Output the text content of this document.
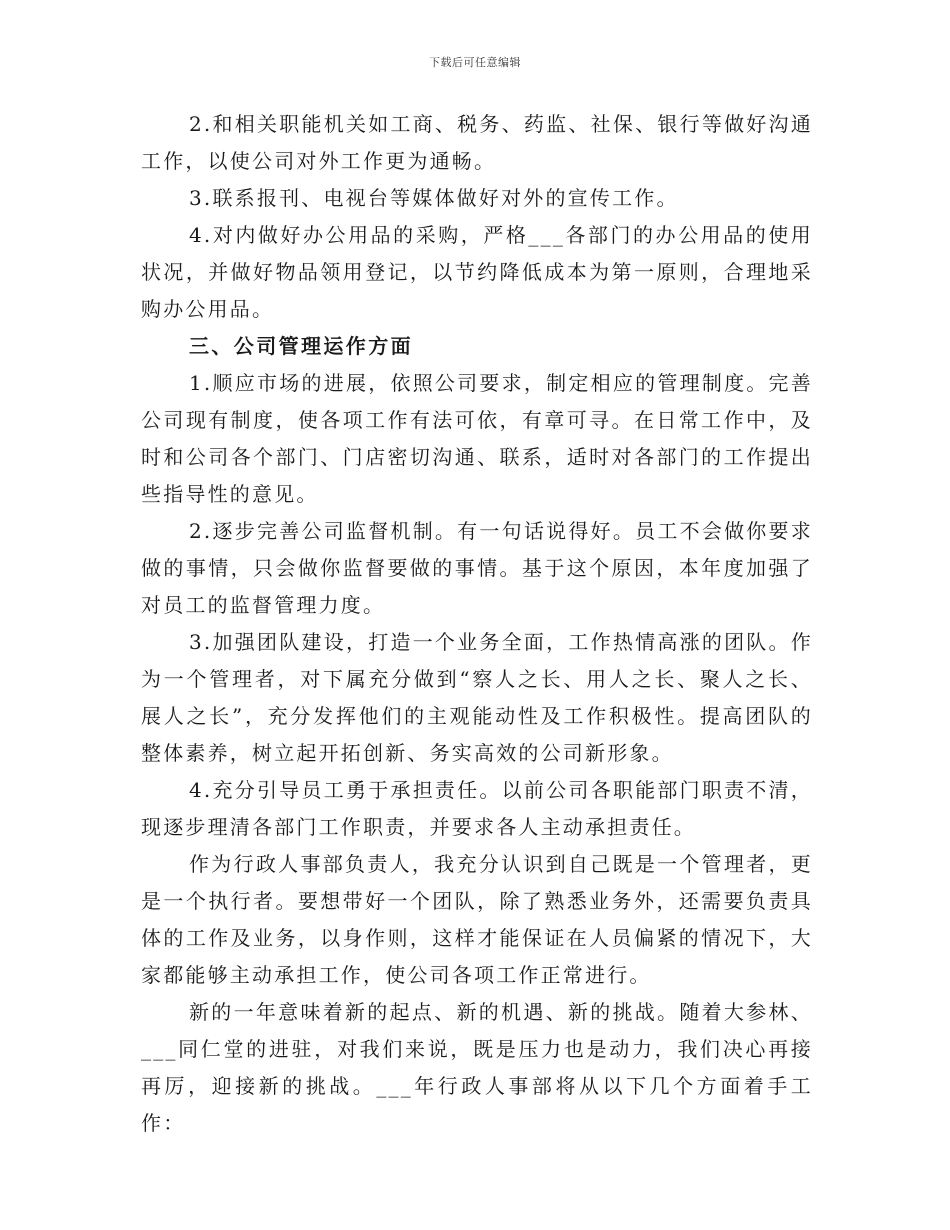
下载后可任意编辑

2.和相关职能机关如工商、税务、药监、社保、银行等做好沟通工作，以使公司对外工作更为通畅。

3.联系报刊、电视台等媒体做好对外的宣传工作。

4.对内做好办公用品的采购，严格___各部门的办公用品的使用状况，并做好物品领用登记，以节约降低成本为第一原则，合理地采购办公用品。

三、公司管理运作方面

1.顺应市场的进展，依照公司要求，制定相应的管理制度。完善公司现有制度，使各项工作有法可依，有章可寻。在日常工作中，及时和公司各个部门、门店密切沟通、联系，适时对各部门的工作提出些指导性的意见。

2.逐步完善公司监督机制。有一句话说得好。员工不会做你要求做的事情，只会做你监督要做的事情。基于这个原因，本年度加强了对员工的监督管理力度。

3.加强团队建设，打造一个业务全面，工作热情高涨的团队。作为一个管理者，对下属充分做到“察人之长、用人之长、聚人之长、展人之长”，充分发挥他们的主观能动性及工作积极性。提高团队的整体素养，树立起开拓创新、务实高效的公司新形象。

4.充分引导员工勇于承担责任。以前公司各职能部门职责不清，现逐步理清各部门工作职责，并要求各人主动承担责任。

作为行政人事部负责人，我充分认识到自己既是一个管理者，更是一个执行者。要想带好一个团队，除了熟悉业务外，还需要负责具体的工作及业务，以身作则，这样才能保证在人员偏紧的情况下，大家都能够主动承担工作，使公司各项工作正常进行。

新的一年意味着新的起点、新的机遇、新的挑战。随着大参林、___同仁堂的进驻，对我们来说，既是压力也是动力，我们决心再接再厉，迎接新的挑战。___年行政人事部将从以下几个方面着手工作：
